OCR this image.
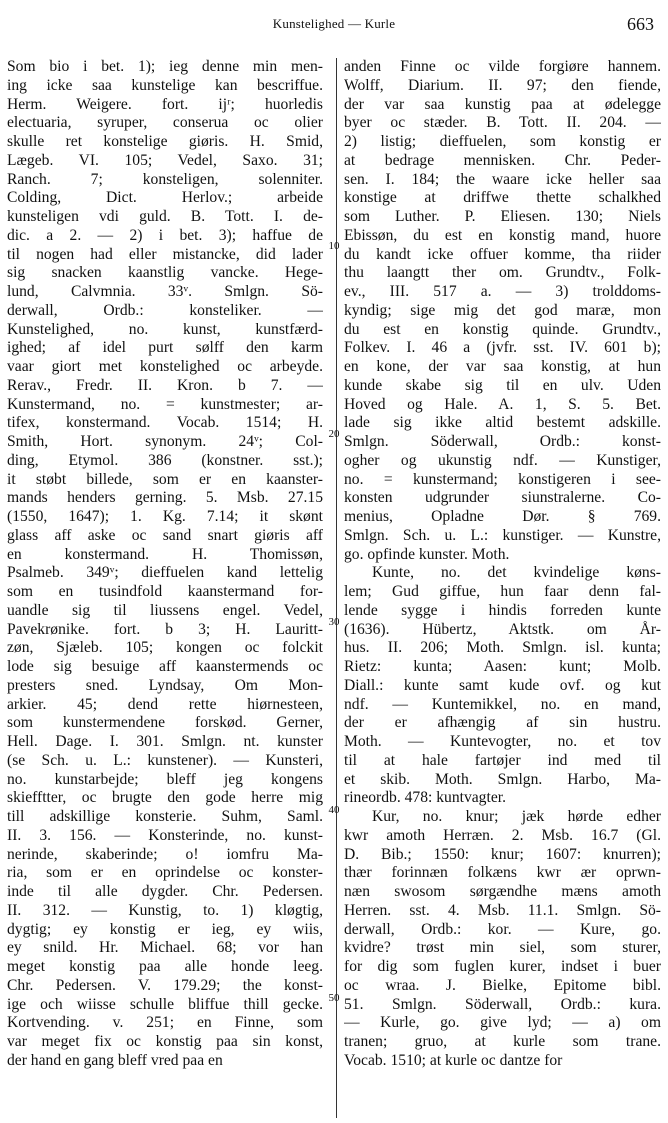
Kunstelighed — Kurle	663
Som bio i bet. 1); ieg denne min men-
ing icke saa kunstelige kan bescriffue.
Herm. Weigere. fort. ijʳ; huorledis
electuaria, syruper, conserua oc olier
skulle ret konstelige giøris. H. Smid,
Lægeb. VI. 105; Vedel, Saxo. 31;
Ranch. 7; konsteligen, solenniter.
Colding, Dict. Herlov.; arbeide
kunsteligen vdi guld. B. Tott. I. de-
dic. a 2. — 2) i bet. 3); haffue de
til nogen had eller mistancke, did lader
sig snacken kaanstlig vancke. Hege-
lund, Calvmnia. 33ᵛ. Smlgn. Sö-
derwall, Ordb.: konsteliker. —
Kunstelighed, no. kunst, kunstfærd-
ighed; af idel purt sølff den karm
vaar giort met konstelighed oc arbeyde.
Rerav., Fredr. II. Kron. b 7. —
Kunstermand, no. = kunstmester; ar-
tifex, konstermand. Vocab. 1514; H.
Smith, Hort. synonym. 24ᵛ; Col-
ding, Etymol. 386 (konstner. sst.);
it støbt billede, som er en kaanster-
mands henders gerning. 5. Msb. 27.15
(1550, 1647); 1. Kg. 7.14; it skønt
glass aff aske oc sand snart giøris aff
en konstermand. H. Thomissøn,
Psalmeb. 349ᵛ; dieffuelen kand lettelig
som en tusindfold kaanstermand for-
uandle sig til liussens engel. Vedel,
Pavekrønike. fort. b 3; H. Lauritt-
zøn, Sjæleb. 105; kongen oc folckit
lode sig besuige aff kaanstermends oc
presters sned. Lyndsay, Om Mon-
arkier. 45; dend rette hiørnesteen,
som kunstermendene forskød. Gerner,
Hell. Dage. I. 301. Smlgn. nt. kunster
(se Sch. u. L.: kunstener). — Kunsteri,
no. kunstarbejde; bleff jeg kongens
skiefftter, oc brugte den gode herre mig
till adskillige konsterie. Suhm, Saml.
II. 3. 156. — Konsterinde, no. kunst-
nerinde, skaberinde; o! iomfru Ma-
ria, som er en oprindelse oc konster-
inde til alle dygder. Chr. Pedersen.
II. 312. — Kunstig, to. 1) kløgtig,
dygtig; ey konstig er ieg, ey wiis,
ey snild. Hr. Michael. 68; vor han
meget konstig paa alle honde leeg.
Chr. Pedersen. V. 179.29; the konst-
ige och wiisse schulle bliffue thill gecke.
Kortvending. v. 251; en Finne, som
var meget fix oc konstig paa sin konst,
der hand en gang bleff vred paa en
anden Finne oc vilde forgiøre hannem.
Wolff, Diarium. II. 97; den fiende,
der var saa kunstig paa at ødelegge
byer oc stæder. B. Tott. II. 204. —
2) listig; dieffuelen, som konstig er
at bedrage mennisken. Chr. Peder-
sen. I. 184; the waare icke heller saa
konstige at driffwe thette schalkhed
som Luther. P. Eliesen. 130; Niels
Ebissøn, du est en konstig mand, huore
du kandt icke offuer komme, tha riider
thu laangtt ther om. Grundtv., Folk-
ev., III. 517 a. — 3) trolddoms-
kyndig; sige mig det god maræ, mon
du est en konstig quinde. Grundtv.,
Folkev. I. 46 a (jvfr. sst. IV. 601 b);
en kone, der var saa konstig, at hun
kunde skabe sig til en ulv. Uden
Hoved og Hale. A. 1, S. 5. Bet.
lade sig ikke altid bestemt adskille.
Smlgn. Söderwall, Ordb.: konst-
ogher og ukunstig ndf. — Kunstiger,
no. = kunstermand; konstigeren i see-
konsten udgrunder siunstralerne. Co-
menius, Opladne Dør. § 769.
Smlgn. Sch. u. L.: kunstiger. — Kunstre,
go. opfinde kunster. Moth.
Kunte, no. det kvindelige køns-
lem; Gud giffue, hun faar denn fal-
lende sygge i hindis forreden kunte
(1636). Hübertz, Aktstk. om År-
hus. II. 206; Moth. Smlgn. isl. kunta;
Rietz: kunta; Aasen: kunt; Molb.
Diall.: kunte samt kude ovf. og kut
ndf. — Kuntemikkel, no. en mand,
der er afhængig af sin hustru.
Moth. — Kuntevogter, no. et tov
til at hale fartøjer ind med til
et skib. Moth. Smlgn. Harbo, Ma-
rineordb. 478: kuntvagter.
Kur, no. knur; jæk hørde edher
kwr amoth Herræn. 2. Msb. 16.7 (Gl.
D. Bib.; 1550: knur; 1607: knurren);
thær forinnæn folkæns kwr ær oprwn-
næn swosom sørgændhe mæns amoth
Herren. sst. 4. Msb. 11.1. Smlgn. Sö-
derwall, Ordb.: kor. — Kure, go.
kvidre? trøst min siel, som sturer,
for dig som fuglen kurer, indset i buer
oc wraa. J. Bielke, Epitome bibl.
51. Smlgn. Söderwall, Ordb.: kura.
— Kurle, go. give lyd; — a) om
tranen; gruo, at kurle som trane.
Vocab. 1510; at kurle oc dantze for
10
20
30
40
50
